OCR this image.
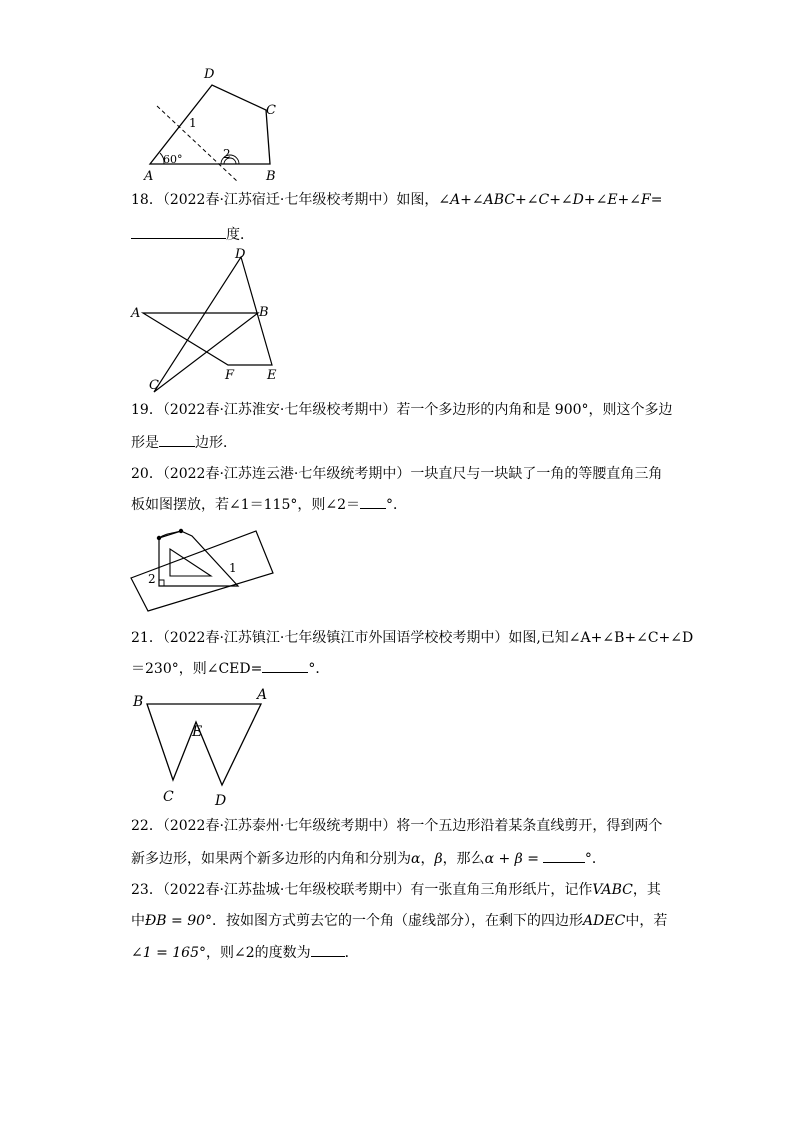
D
C
A	B
1
2
60°
18．（2022春·江苏宿迁·七年级校考期中）如图，∠A+∠ABC+∠C+∠D+∠E+∠F=
度．
D
A	B
C
F	E
19．（2022春·江苏淮安·七年级校考期中）若一个多边形的内角和是 900°，则这个多边
形是	边形．
20．（2022春·江苏连云港·七年级统考期中）一块直尺与一块缺了一角的等腰直角三角
板如图摆放，若∠1＝115°，则∠2＝ °．
2
1
21．（2022春·江苏镇江·七年级镇江市外国语学校校考期中）如图,已知∠A+∠B+∠C+∠D
＝230°，则∠CED=	°．
B	A
E
C	D
22．（2022春·江苏泰州·七年级统考期中）将一个五边形沿着某条直线剪开，得到两个
新多边形，如果两个新多边形的内角和分别为α，β，那么α + β =	°．
23．（2022春·江苏盐城·七年级校联考期中）有一张直角三角形纸片，记作VABC，其
中ÐB = 90°．按如图方式剪去它的一个角（虚线部分），在剩下的四边形ADEC中，若
∠1 = 165°，则∠2的度数为 ．
